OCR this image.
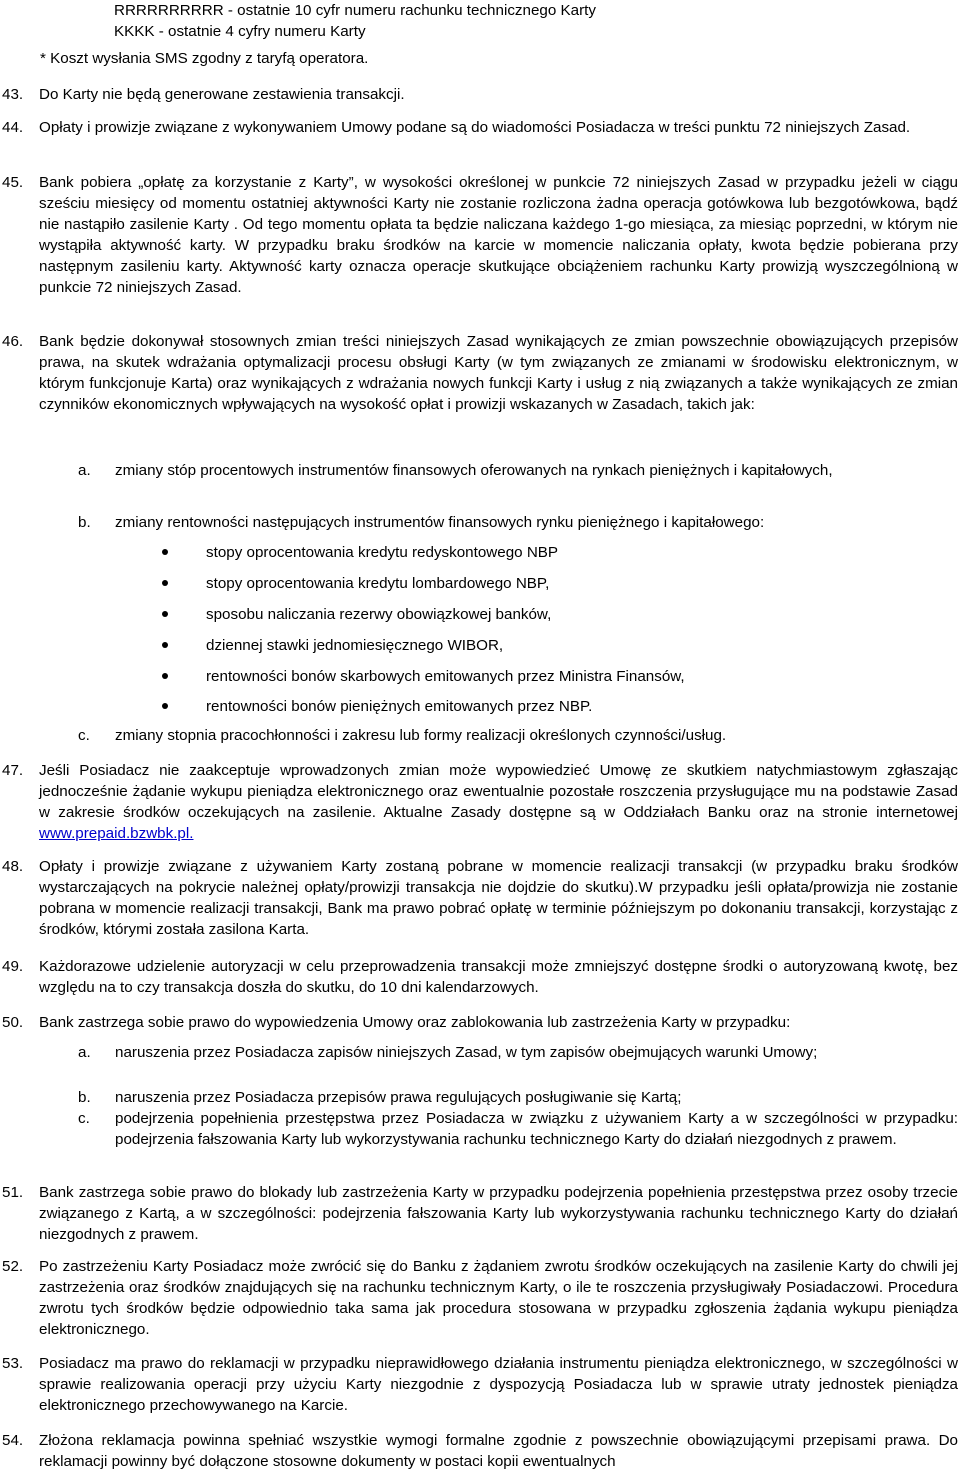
RRRRRRRRRR - ostatnie 10 cyfr numeru rachunku technicznego Karty
KKKK - ostatnie 4 cyfry numeru Karty
* Koszt wysłania SMS zgodny z taryfą operatora.
43. Do Karty nie będą generowane zestawienia transakcji.
44. Opłaty i prowizje związane z wykonywaniem Umowy podane są do wiadomości Posiadacza w treści punktu 72 niniejszych Zasad.
45. Bank pobiera „opłatę za korzystanie z Karty”, w wysokości określonej w punkcie 72 niniejszych Zasad w przypadku jeżeli w ciągu sześciu miesięcy od momentu ostatniej aktywności Karty nie zostanie rozliczona żadna operacja gotówkowa lub bezgotówkowa, bądź nie nastąpiło zasilenie Karty . Od tego momentu opłata ta będzie naliczana każdego 1-go miesiąca, za miesiąc poprzedni, w którym nie wystąpiła aktywność karty. W przypadku braku środków na karcie w momencie naliczania opłaty, kwota będzie pobierana przy następnym zasileniu karty. Aktywność karty oznacza operacje skutkujące obciążeniem rachunku Karty prowizją wyszczególnioną w punkcie 72 niniejszych Zasad.
46. Bank będzie dokonywał stosownych zmian treści niniejszych Zasad wynikających ze zmian powszechnie obowiązujących przepisów prawa, na skutek wdrażania optymalizacji procesu obsługi Karty (w tym związanych ze zmianami w środowisku elektronicznym, w którym funkcjonuje Karta) oraz wynikających z wdrażania nowych funkcji Karty i usług z nią związanych a także wynikających ze zmian czynników ekonomicznych wpływających na wysokość opłat i prowizji wskazanych w Zasadach, takich jak:
a. zmiany stóp procentowych instrumentów finansowych oferowanych na rynkach pieniężnych i kapitałowych,
b. zmiany rentowności następujących instrumentów finansowych rynku pieniężnego i kapitałowego:
stopy oprocentowania kredytu redyskontowego NBP
stopy oprocentowania kredytu lombardowego NBP,
sposobu naliczania rezerwy obowiązkowej banków,
dziennej stawki jednomiesięcznego WIBOR,
rentowności bonów skarbowych emitowanych przez Ministra Finansów,
rentowności bonów pieniężnych emitowanych przez NBP.
c. zmiany stopnia pracochłonności i zakresu lub formy realizacji określonych czynności/usług.
47. Jeśli Posiadacz nie zaakceptuje wprowadzonych zmian może wypowiedzieć Umowę ze skutkiem natychmiastowym zgłaszając jednocześnie żądanie wykupu pieniądza elektronicznego oraz ewentualnie pozostałe roszczenia przysługujące mu na podstawie Zasad w zakresie środków oczekujących na zasilenie. Aktualne Zasady dostępne są w Oddziałach Banku oraz na stronie internetowej www.prepaid.bzwbk.pl.
48. Opłaty i prowizje związane z używaniem Karty zostaną pobrane w momencie realizacji transakcji (w przypadku braku środków wystarczających na pokrycie należnej opłaty/prowizji transakcja nie dojdzie do skutku).W przypadku jeśli opłata/prowizja nie zostanie pobrana w momencie realizacji transakcji, Bank ma prawo pobrać opłatę w terminie późniejszym po dokonaniu transakcji, korzystając z środków, którymi została zasilona Karta.
49. Każdorazowe udzielenie autoryzacji w celu przeprowadzenia transakcji może zmniejszyć dostępne środki o autoryzowaną kwotę, bez względu na to czy transakcja doszła do skutku, do 10 dni kalendarzowych.
50. Bank zastrzega sobie prawo do wypowiedzenia Umowy oraz zablokowania lub zastrzeżenia Karty w przypadku:
a. naruszenia przez Posiadacza zapisów niniejszych Zasad, w tym zapisów obejmujących warunki Umowy;
b. naruszenia przez Posiadacza przepisów prawa regulujących posługiwanie się Kartą;
c. podejrzenia popełnienia przestępstwa przez Posiadacza w związku z używaniem Karty a w szczególności w przypadku: podejrzenia fałszowania Karty lub wykorzystywania rachunku technicznego Karty do działań niezgodnych z prawem.
51. Bank zastrzega sobie prawo do blokady lub zastrzeżenia Karty w przypadku podejrzenia popełnienia przestępstwa przez osoby trzecie związanego z Kartą, a w szczególności: podejrzenia fałszowania Karty lub wykorzystywania rachunku technicznego Karty do działań niezgodnych z prawem.
52. Po zastrzeżeniu Karty Posiadacz może zwrócić się do Banku z żądaniem zwrotu środków oczekujących na zasilenie Karty do chwili jej zastrzeżenia oraz środków znajdujących się na rachunku technicznym Karty, o ile te roszczenia przysługiwały Posiadaczowi. Procedura zwrotu tych środków będzie odpowiednio taka sama jak procedura stosowana w przypadku zgłoszenia żądania wykupu pieniądza elektronicznego.
53. Posiadacz ma prawo do reklamacji w przypadku nieprawidłowego działania instrumentu pieniądza elektronicznego, w szczególności w sprawie realizowania operacji przy użyciu Karty niezgodnie z dyspozycją Posiadacza lub w sprawie utraty jednostek pieniądza elektronicznego przechowywanego na Karcie.
54. Złożona reklamacja powinna spełniać wszystkie wymogi formalne zgodnie z powszechnie obowiązującymi przepisami prawa. Do reklamacji powinny być dołączone stosowne dokumenty w postaci kopii ewentualnych
